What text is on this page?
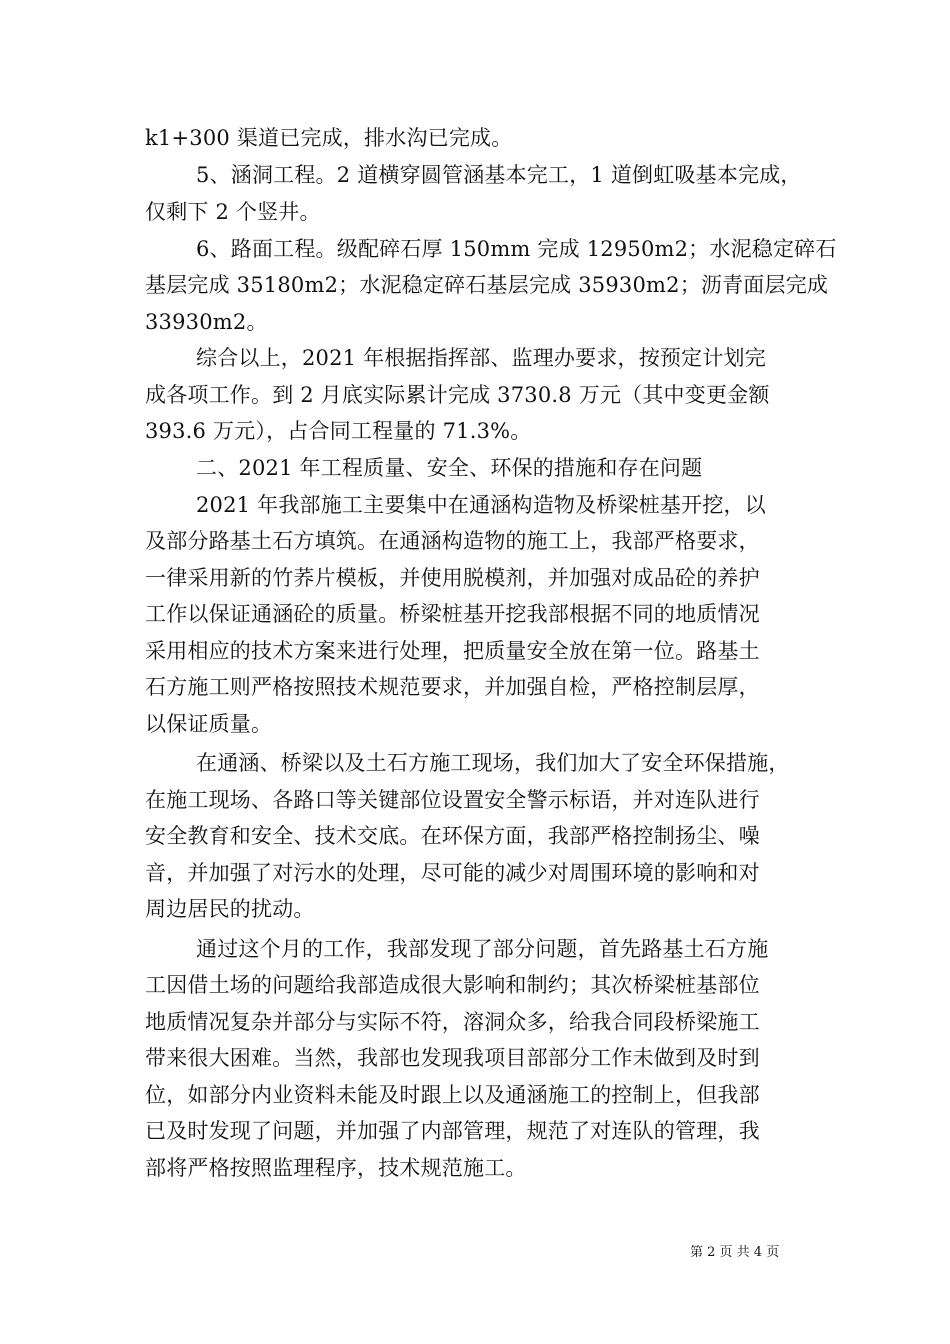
k1+300 渠道已完成，排水沟已完成。
5、涵洞工程。2 道横穿圆管涵基本完工，1 道倒虹吸基本完成，
仅剩下 2 个竖井。
6、路面工程。级配碎石厚 150mm 完成 12950m2；水泥稳定碎石
基层完成 35180m2；水泥稳定碎石基层完成 35930m2；沥青面层完成
33930m2。
综合以上，2021 年根据指挥部、监理办要求，按预定计划完
成各项工作。到 2 月底实际累计完成 3730.8 万元（其中变更金额
393.6 万元），占合同工程量的 71.3%。
二、2021 年工程质量、安全、环保的措施和存在问题
2021 年我部施工主要集中在通涵构造物及桥梁桩基开挖，以
及部分路基土石方填筑。在通涵构造物的施工上，我部严格要求，
一律采用新的竹荞片模板，并使用脱模剂，并加强对成品砼的养护
工作以保证通涵砼的质量。桥梁桩基开挖我部根据不同的地质情况
采用相应的技术方案来进行处理，把质量安全放在第一位。路基土
石方施工则严格按照技术规范要求，并加强自检，严格控制层厚，
以保证质量。
在通涵、桥梁以及土石方施工现场，我们加大了安全环保措施，
在施工现场、各路口等关键部位设置安全警示标语，并对连队进行
安全教育和安全、技术交底。在环保方面，我部严格控制扬尘、噪
音，并加强了对污水的处理，尽可能的减少对周围环境的影响和对
周边居民的扰动。
通过这个月的工作，我部发现了部分问题，首先路基土石方施
工因借土场的问题给我部造成很大影响和制约；其次桥梁桩基部位
地质情况复杂并部分与实际不符，溶洞众多，给我合同段桥梁施工
带来很大困难。当然，我部也发现我项目部部分工作未做到及时到
位，如部分内业资料未能及时跟上以及通涵施工的控制上，但我部
已及时发现了问题，并加强了内部管理，规范了对连队的管理，我
部将严格按照监理程序，技术规范施工。
第 2 页 共 4 页
